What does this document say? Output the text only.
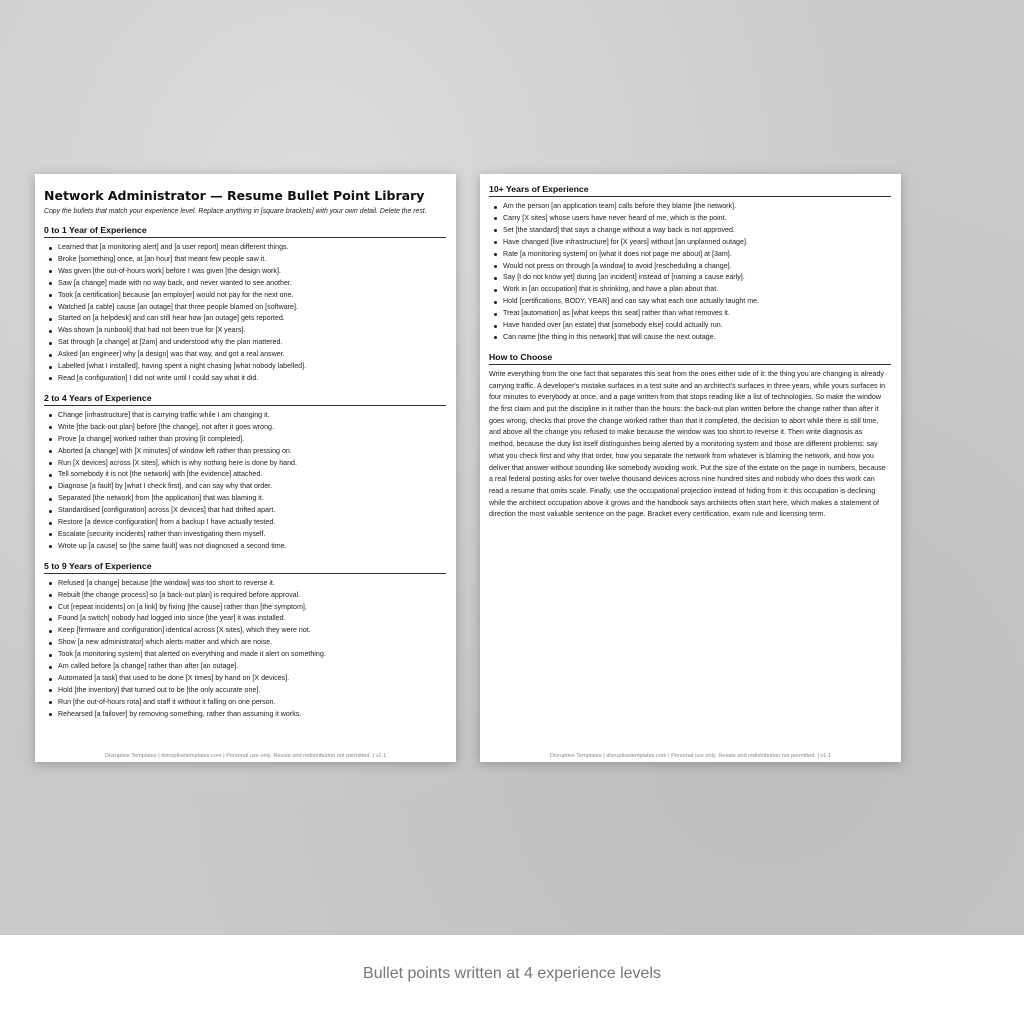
Network Administrator — Resume Bullet Point Library

Copy the bullets that match your experience level. Replace anything in [square brackets] with your own detail. Delete the rest.

0 to 1 Year of Experience
Learned that [a monitoring alert] and [a user report] mean different things.
Broke [something] once, at [an hour] that meant few people saw it.
Was given [the out-of-hours work] before I was given [the design work].
Saw [a change] made with no way back, and never wanted to see another.
Took [a certification] because [an employer] would not pay for the next one.
Watched [a cable] cause [an outage] that three people blamed on [software].
Started on [a helpdesk] and can still hear how [an outage] gets reported.
Was shown [a runbook] that had not been true for [X years].
Sat through [a change] at [2am] and understood why the plan mattered.
Asked [an engineer] why [a design] was that way, and got a real answer.
Labelled [what I installed], having spent a night chasing [what nobody labelled].
Read [a configuration] I did not write until I could say what it did.
2 to 4 Years of Experience
Change [infrastructure] that is carrying traffic while I am changing it.
Write [the back-out plan] before [the change], not after it goes wrong.
Prove [a change] worked rather than proving [it completed].
Aborted [a change] with [X minutes] of window left rather than pressing on.
Run [X devices] across [X sites], which is why nothing here is done by hand.
Tell somebody it is not [the network] with [the evidence] attached.
Diagnose [a fault] by [what I check first], and can say why that order.
Separated [the network] from [the application] that was blaming it.
Standardised [configuration] across [X devices] that had drifted apart.
Restore [a device configuration] from a backup I have actually tested.
Escalate [security incidents] rather than investigating them myself.
Wrote up [a cause] so [the same fault] was not diagnosed a second time.
5 to 9 Years of Experience
Refused [a change] because [the window] was too short to reverse it.
Rebuilt [the change process] so [a back-out plan] is required before approval.
Cut [repeat incidents] on [a link] by fixing [the cause] rather than [the symptom].
Found [a switch] nobody had logged into since [the year] it was installed.
Keep [firmware and configuration] identical across [X sites], which they were not.
Show [a new administrator] which alerts matter and which are noise.
Took [a monitoring system] that alerted on everything and made it alert on something.
Am called before [a change] rather than after [an outage].
Automated [a task] that used to be done [X times] by hand on [X devices].
Hold [the inventory] that turned out to be [the only accurate one].
Run [the out-of-hours rota] and staff it without it falling on one person.
Rehearsed [a failover] by removing something, rather than assuming it works.
Disruptive Templates | disruptivetemplates.com | Personal use only. Resale and redistribution not permitted. | v1.1
10+ Years of Experience
Am the person [an application team] calls before they blame [the network].
Carry [X sites] whose users have never heard of me, which is the point.
Set [the standard] that says a change without a way back is not approved.
Have changed [live infrastructure] for [X years] without [an unplanned outage].
Rate [a monitoring system] on [what it does not page me about] at [3am].
Would not press on through [a window] to avoid [rescheduling a change].
Say [I do not know yet] during [an incident] instead of [naming a cause early].
Work in [an occupation] that is shrinking, and have a plan about that.
Hold [certifications, BODY, YEAR] and can say what each one actually taught me.
Treat [automation] as [what keeps this seat] rather than what removes it.
Have handed over [an estate] that [somebody else] could actually run.
Can name [the thing in this network] that will cause the next outage.
How to Choose

Write everything from the one fact that separates this seat from the ones either side of it: the thing you are changing is already carrying traffic. A developer's mistake surfaces in a test suite and an architect's surfaces in three years, while yours surfaces in four minutes to everybody at once, and a page written from that stops reading like a list of technologies. So make the window the first claim and put the discipline in it rather than the hours: the back-out plan written before the change rather than after it goes wrong, checks that prove the change worked rather than that it completed, the decision to abort while there is still time, and above all the change you refused to make because the window was too short to reverse it. Then write diagnosis as method, because the duty list itself distinguishes being alerted by a monitoring system and those are different problems: say what you check first and why that order, how you separate the network from whatever is blaming the network, and how you deliver that answer without sounding like somebody avoiding work. Put the size of the estate on the page in numbers, because a real federal posting asks for over twelve thousand devices across nine hundred sites and nobody who does this work can read a resume that omits scale. Finally, use the occupational projection instead of hiding from it: this occupation is declining while the architect occupation above it grows and the handbook says architects often start here, which makes a statement of direction the most valuable sentence on the page. Bracket every certification, exam rule and licensing term.

Disruptive Templates | disruptivetemplates.com | Personal use only. Resale and redistribution not permitted. | v1.1
Bullet points written at 4 experience levels
